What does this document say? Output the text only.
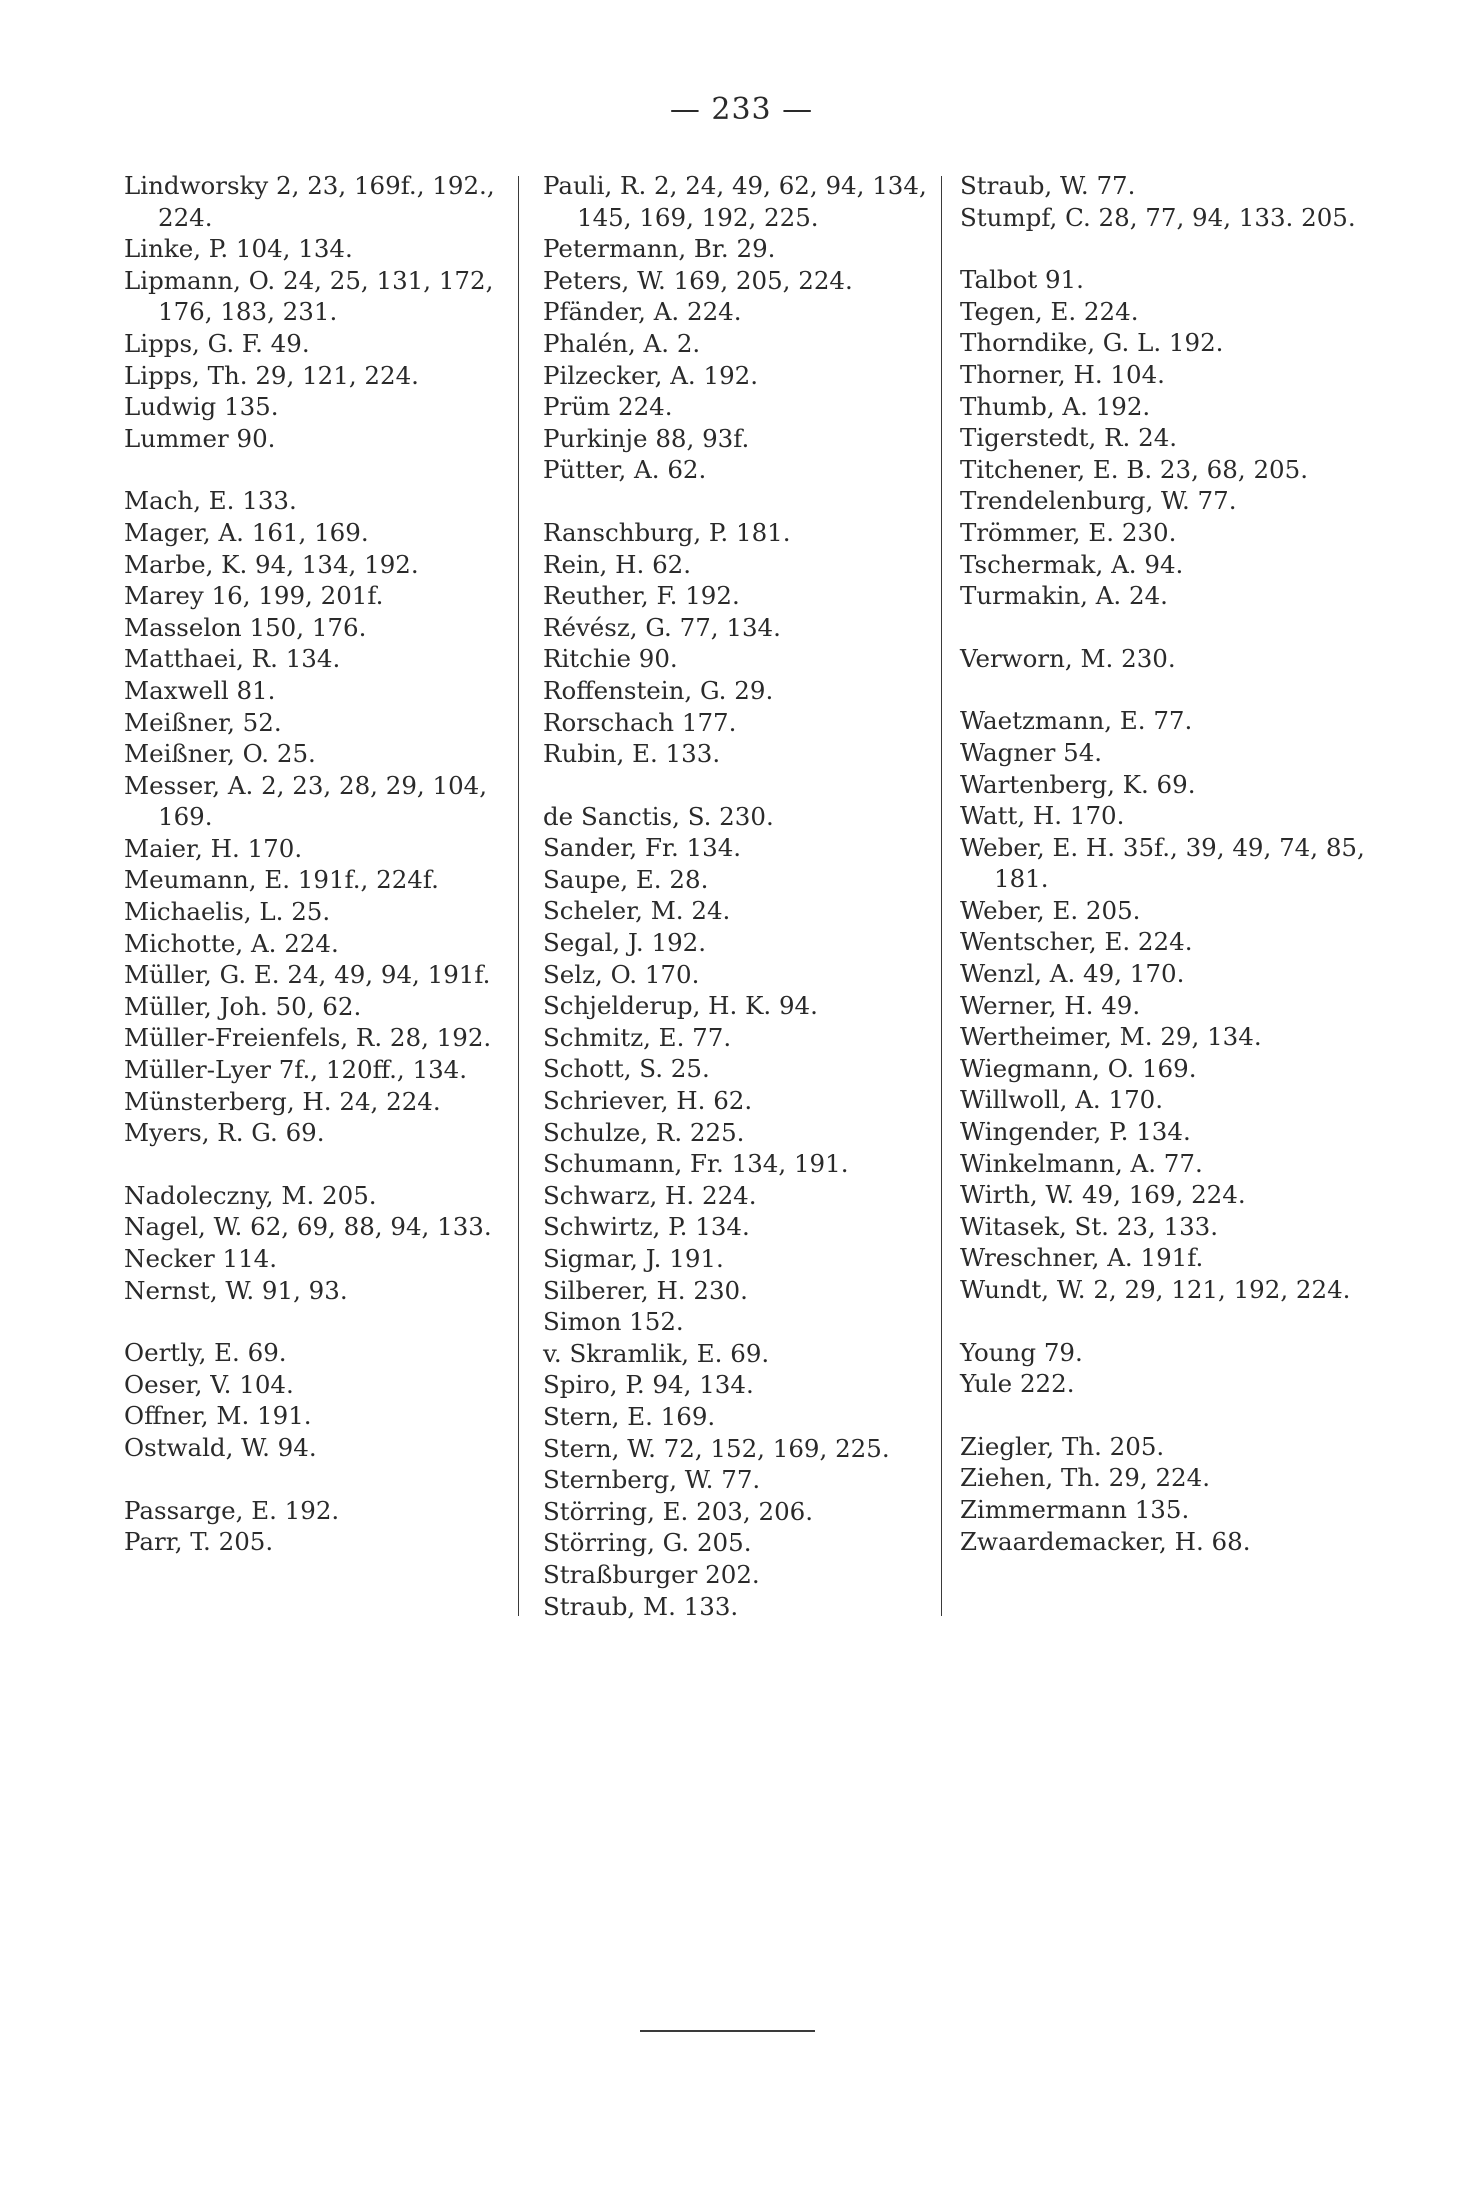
— 233 —
Lindworsky 2, 23, 169f., 192., 224.
Linke, P. 104, 134.
Lipmann, O. 24, 25, 131, 172, 176, 183, 231.
Lipps, G. F. 49.
Lipps, Th. 29, 121, 224.
Ludwig 135.
Lummer 90.
Mach, E. 133.
Mager, A. 161, 169.
Marbe, K. 94, 134, 192.
Marey 16, 199, 201f.
Masselon 150, 176.
Matthaei, R. 134.
Maxwell 81.
Meißner, 52.
Meißner, O. 25.
Messer, A. 2, 23, 28, 29, 104, 169.
Maier, H. 170.
Meumann, E. 191f., 224f.
Michaelis, L. 25.
Michotte, A. 224.
Müller, G. E. 24, 49, 94, 191f.
Müller, Joh. 50, 62.
Müller-Freienfels, R. 28, 192.
Müller-Lyer 7f., 120ff., 134.
Münsterberg, H. 24, 224.
Myers, R. G. 69.
Nadoleczny, M. 205.
Nagel, W. 62, 69, 88, 94, 133.
Necker 114.
Nernst, W. 91, 93.
Oertly, E. 69.
Oeser, V. 104.
Offner, M. 191.
Ostwald, W. 94.
Passarge, E. 192.
Parr, T. 205.
Pauli, R. 2, 24, 49, 62, 94, 134, 145, 169, 192, 225.
Petermann, Br. 29.
Peters, W. 169, 205, 224.
Pfänder, A. 224.
Phalén, A. 2.
Pilzecker, A. 192.
Prüm 224.
Purkinje 88, 93f.
Pütter, A. 62.
Ranschburg, P. 181.
Rein, H. 62.
Reuther, F. 192.
Révész, G. 77, 134.
Ritchie 90.
Roffenstein, G. 29.
Rorschach 177.
Rubin, E. 133.
de Sanctis, S. 230.
Sander, Fr. 134.
Saupe, E. 28.
Scheler, M. 24.
Segal, J. 192.
Selz, O. 170.
Schjelderup, H. K. 94.
Schmitz, E. 77.
Schott, S. 25.
Schriever, H. 62.
Schulze, R. 225.
Schumann, Fr. 134, 191.
Schwarz, H. 224.
Schwirtz, P. 134.
Sigmar, J. 191.
Silberer, H. 230.
Simon 152.
v. Skramlik, E. 69.
Spiro, P. 94, 134.
Stern, E. 169.
Stern, W. 72, 152, 169, 225.
Sternberg, W. 77.
Störring, E. 203, 206.
Störring, G. 205.
Straßburger 202.
Straub, M. 133.
Straub, W. 77.
Stumpf, C. 28, 77, 94, 133. 205.
Talbot 91.
Tegen, E. 224.
Thorndike, G. L. 192.
Thorner, H. 104.
Thumb, A. 192.
Tigerstedt, R. 24.
Titchener, E. B. 23, 68, 205.
Trendelenburg, W. 77.
Trömmer, E. 230.
Tschermak, A. 94.
Turmakin, A. 24.
Verworn, M. 230.
Waetzmann, E. 77.
Wagner 54.
Wartenberg, K. 69.
Watt, H. 170.
Weber, E. H. 35f., 39, 49, 74, 85, 181.
Weber, E. 205.
Wentscher, E. 224.
Wenzl, A. 49, 170.
Werner, H. 49.
Wertheimer, M. 29, 134.
Wiegmann, O. 169.
Willwoll, A. 170.
Wingender, P. 134.
Winkelmann, A. 77.
Wirth, W. 49, 169, 224.
Witasek, St. 23, 133.
Wreschner, A. 191f.
Wundt, W. 2, 29, 121, 192, 224.
Young 79.
Yule 222.
Ziegler, Th. 205.
Ziehen, Th. 29, 224.
Zimmermann 135.
Zwaardemacker, H. 68.
